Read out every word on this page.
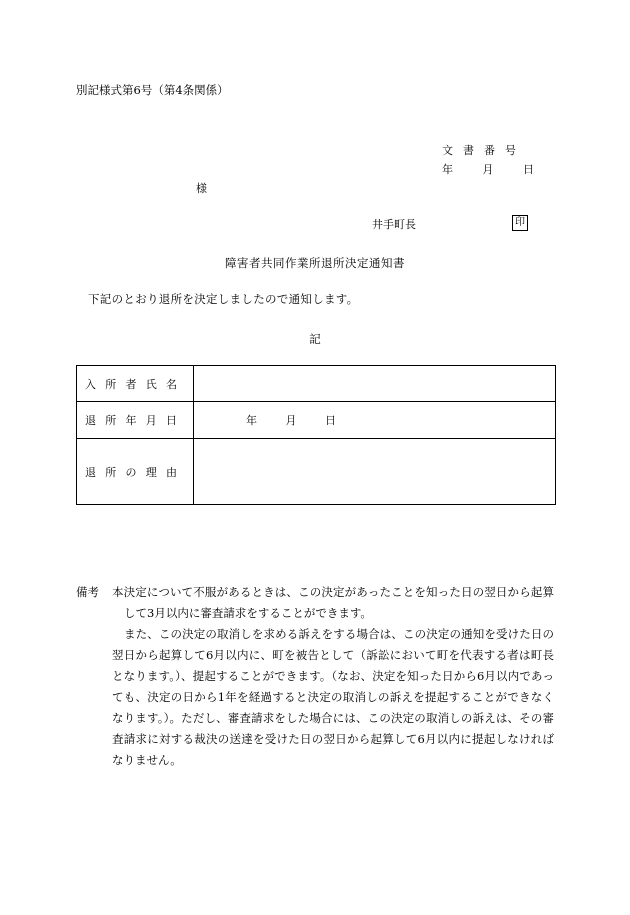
別記様式第6号（第4条関係）
文書番号
年	月	日
様
井手町長	印
障害者共同作業所退所決定通知書
下記のとおり退所を決定しましたので通知します。
記
入 所 者 氏 名	

退 所 年 月 日	年 月 日

退 所 の 理 由	

備考 本決定について不服があるときは、この決定があったことを知った日の翌日から起算して3月以内に審査請求をすることができます。

また、この決定の取消しを求める訴えをする場合は、この決定の通知を受けた日の翌日から起算して6月以内に、町を被告として（訴訟において町を代表する者は町長となります。）、提起することができます。（なお、決定を知った日から6月以内であっても、決定の日から1年を経過すると決定の取消しの訴えを提起することができなくなります。）。ただし、審査請求をした場合には、この決定の取消しの訴えは、その審査請求に対する裁決の送達を受けた日の翌日から起算して6月以内に提起しなければなりません。
